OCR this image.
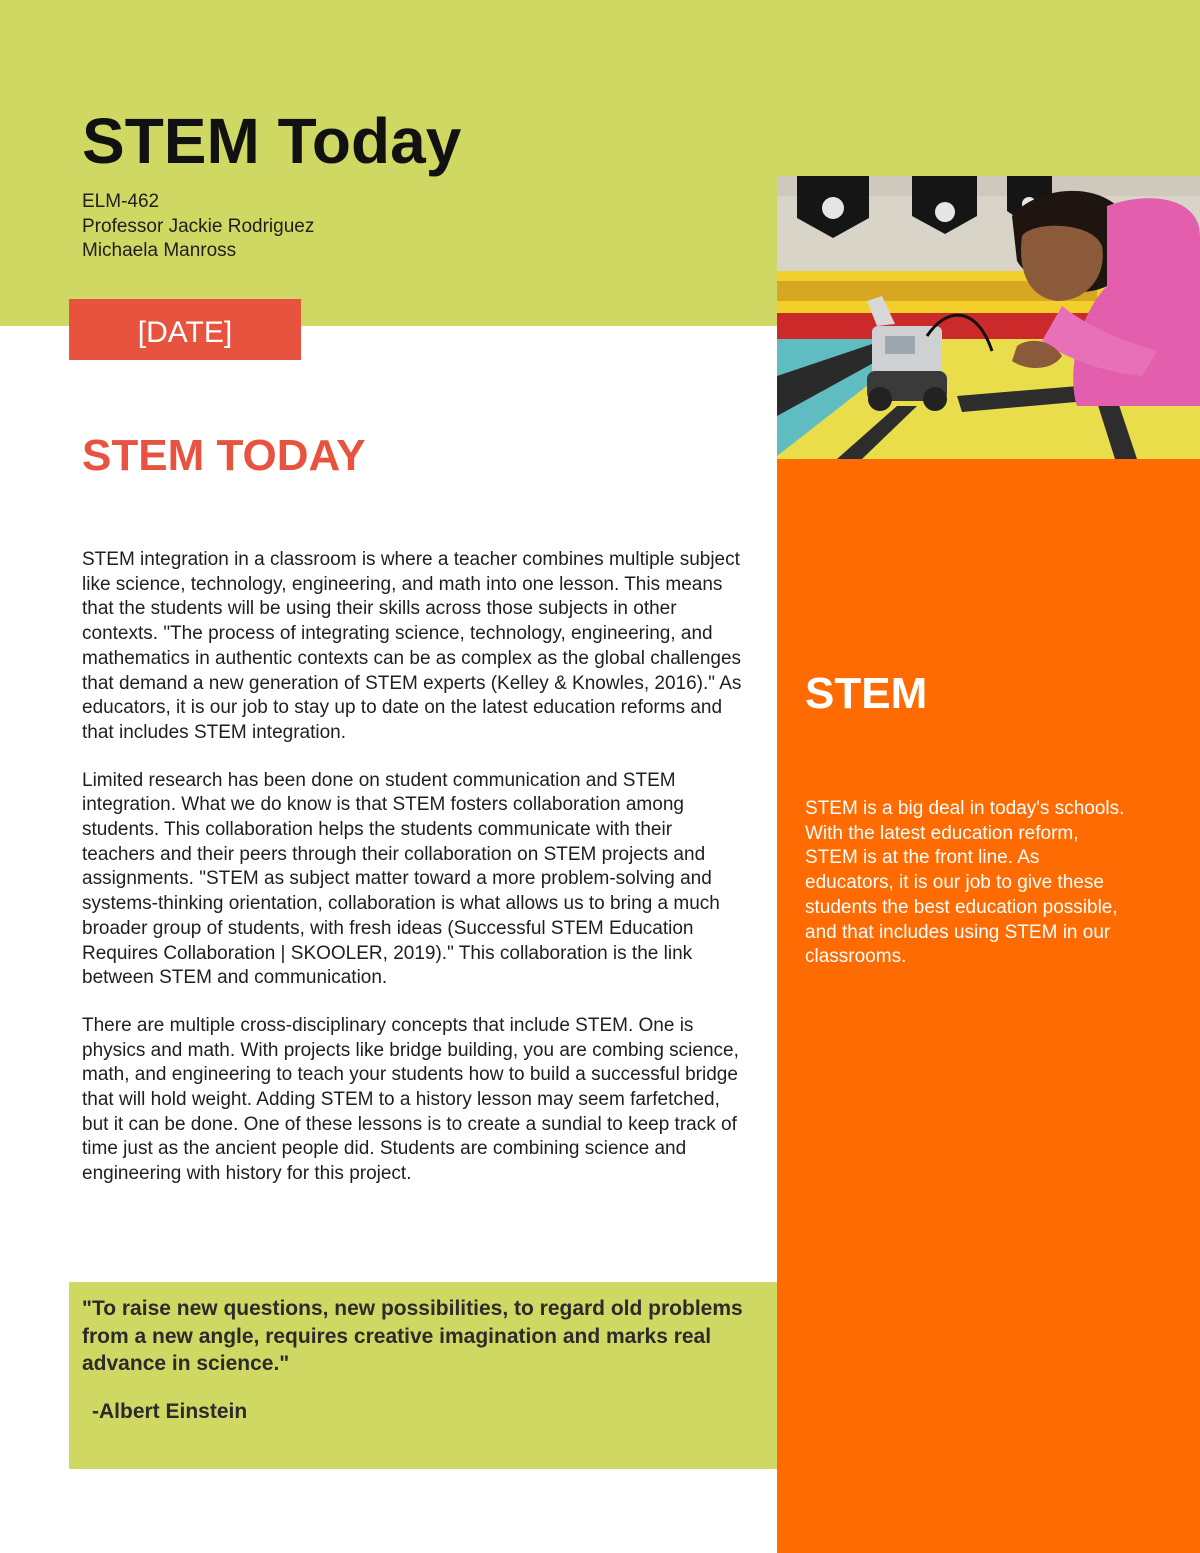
STEM Today
ELM-462
Professor Jackie Rodriguez
Michaela Manross
[DATE]
STEM

STEM is a big deal in today's schools. With the latest education reform, STEM is at the front line. As educators, it is our job to give these students the best education possible, and that includes using STEM in our classrooms.

STEM TODAY

STEM integration in a classroom is where a teacher combines multiple subject like science, technology, engineering, and math into one lesson. This means that the students will be using their skills across those subjects in other contexts. "The process of integrating science, technology, engineering, and mathematics in authentic contexts can be as complex as the global challenges that demand a new generation of STEM experts (Kelley & Knowles, 2016)." As educators, it is our job to stay up to date on the latest education reforms and that includes STEM integration.

Limited research has been done on student communication and STEM integration. What we do know is that STEM fosters collaboration among students. This collaboration helps the students communicate with their teachers and their peers through their collaboration on STEM projects and assignments. "STEM as subject matter toward a more problem-solving and systems-thinking orientation, collaboration is what allows us to bring a much broader group of students, with fresh ideas (Successful STEM Education Requires Collaboration | SKOOLER, 2019)." This collaboration is the link between STEM and communication.

There are multiple cross-disciplinary concepts that include STEM. One is physics and math. With projects like bridge building, you are combing science, math, and engineering to teach your students how to build a successful bridge that will hold weight. Adding STEM to a history lesson may seem farfetched, but it can be done. One of these lessons is to create a sundial to keep track of time just as the ancient people did. Students are combining science and engineering with history for this project.

"To raise new questions, new possibilities, to regard old problems from a new angle, requires creative imagination and marks real advance in science."

-Albert Einstein
